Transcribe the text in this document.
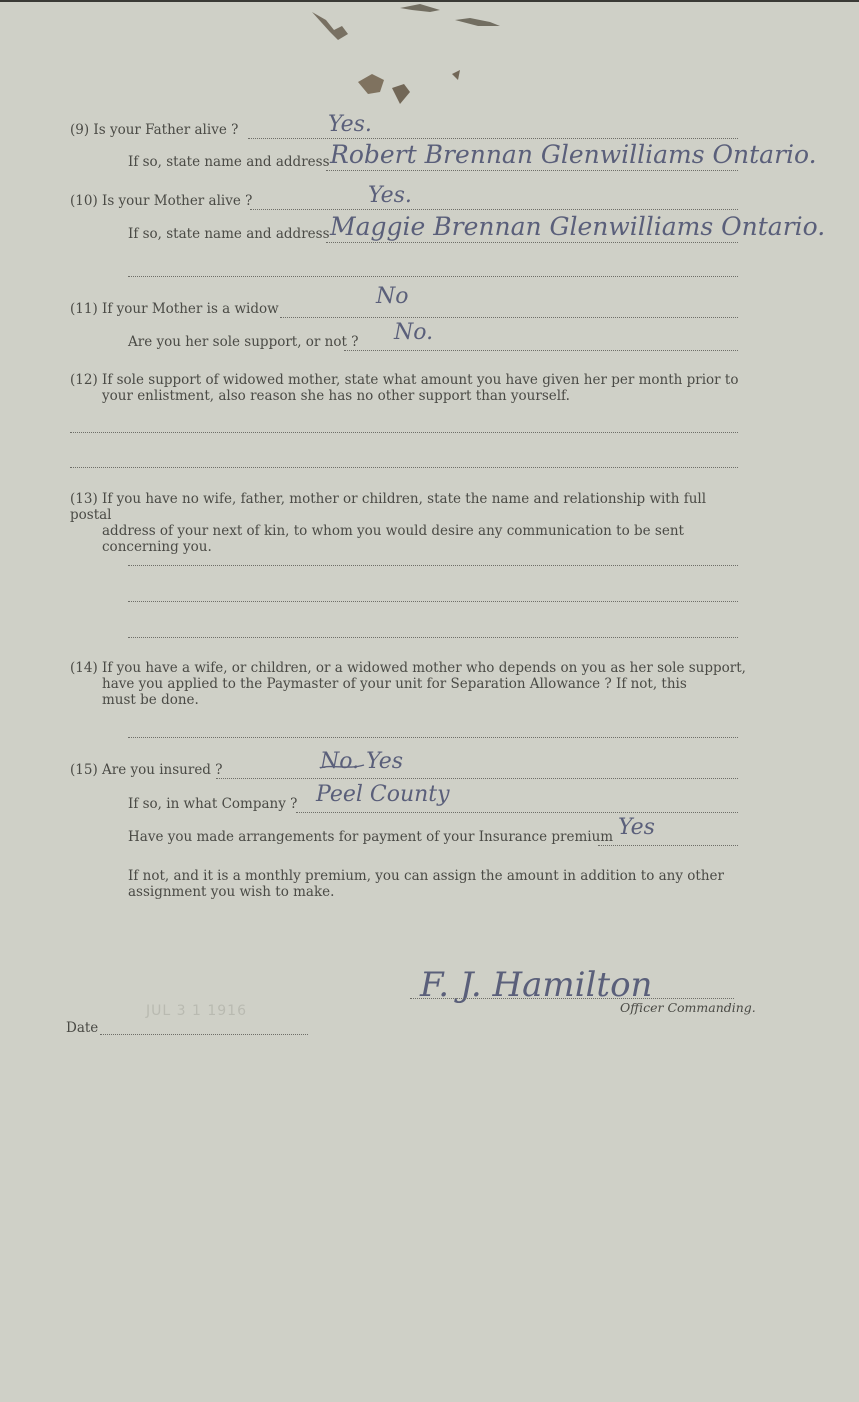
(9) Is your Father alive ?	Yes.
If so, state name and address Robert Brennan Glenwilliams Ontario.
(10) Is your Mother alive ?	Yes.
If so, state name and address Maggie Brennan Glenwilliams Ontario.
(11) If your Mother is a widow	No
Are you her sole support, or not ? No.
(12) If sole support of widowed mother, state what amount you have given her per month prior to
your enlistment, also reason she has no other support than yourself.
(13) If you have no wife, father, mother or children, state the name and relationship with full postal
address of your next of kin, to whom you would desire any communication to be sent
concerning you.
(14) If you have a wife, or children, or a widowed mother who depends on you as her sole support,
have you applied to the Paymaster of your unit for Separation Allowance ? If not, this
must be done.
(15) Are you insured ?	No. Yes
If so, in what Company ? Peel County
Have you made arrangements for payment of your Insurance premium Yes
If not, and it is a monthly premium, you can assign the amount in addition to any other
assignment you wish to make.
Date
JUL 3 1 1916
F. J. Hamilton
Officer Commanding.
